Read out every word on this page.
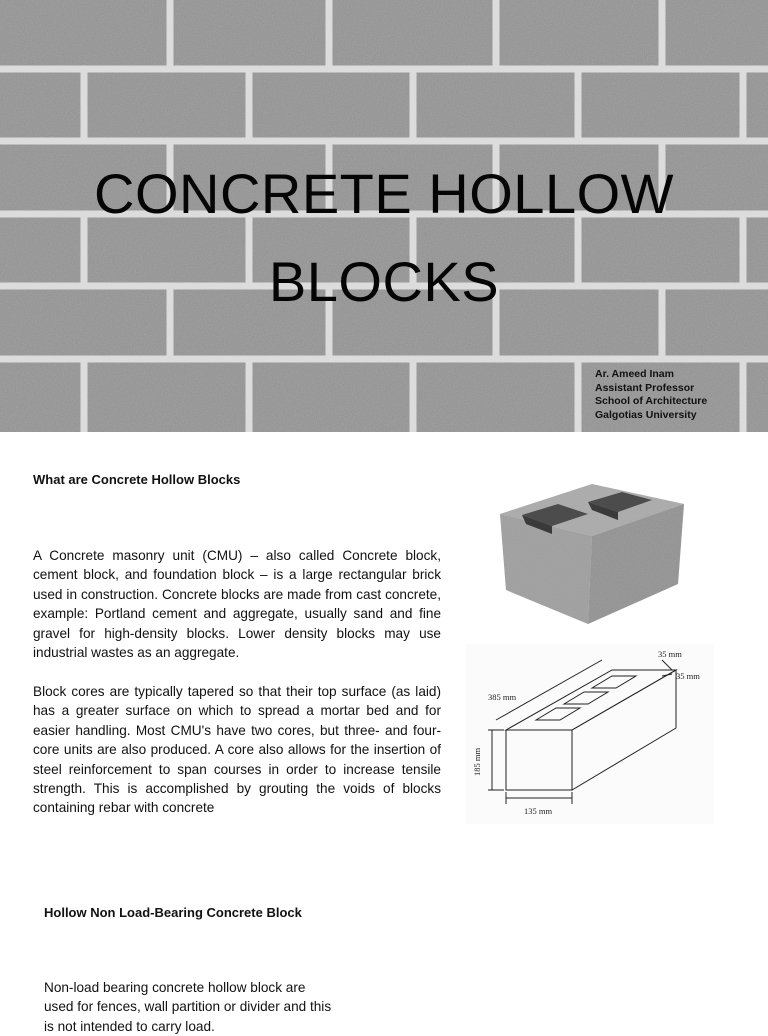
CONCRETE HOLLOW
BLOCKS
Ar. Ameed Inam
Assistant Professor
School of Architecture
Galgotias University

What are Concrete Hollow Blocks

A Concrete masonry unit (CMU) – also called Concrete block, cement block, and foundation block – is a large rectangular brick used in construction. Concrete blocks are made from cast concrete, example: Portland cement and aggregate, usually sand and fine gravel for high-density blocks. Lower density blocks may use industrial wastes as an aggregate.

Block cores are typically tapered so that their top surface (as laid) has a greater surface on which to spread a mortar bed and for easier handling. Most CMU's have two cores, but three- and four-core units are also produced. A core also allows for the insertion of steel reinforcement to span courses in order to increase tensile strength. This is accomplished by grouting the voids of blocks containing rebar with concrete

385 mm
185 mm
135 mm
35 mm
35 mm

Hollow Non Load-Bearing Concrete Block

Non-load bearing concrete hollow block are used for fences, wall partition or divider and this is not intended to carry load.
